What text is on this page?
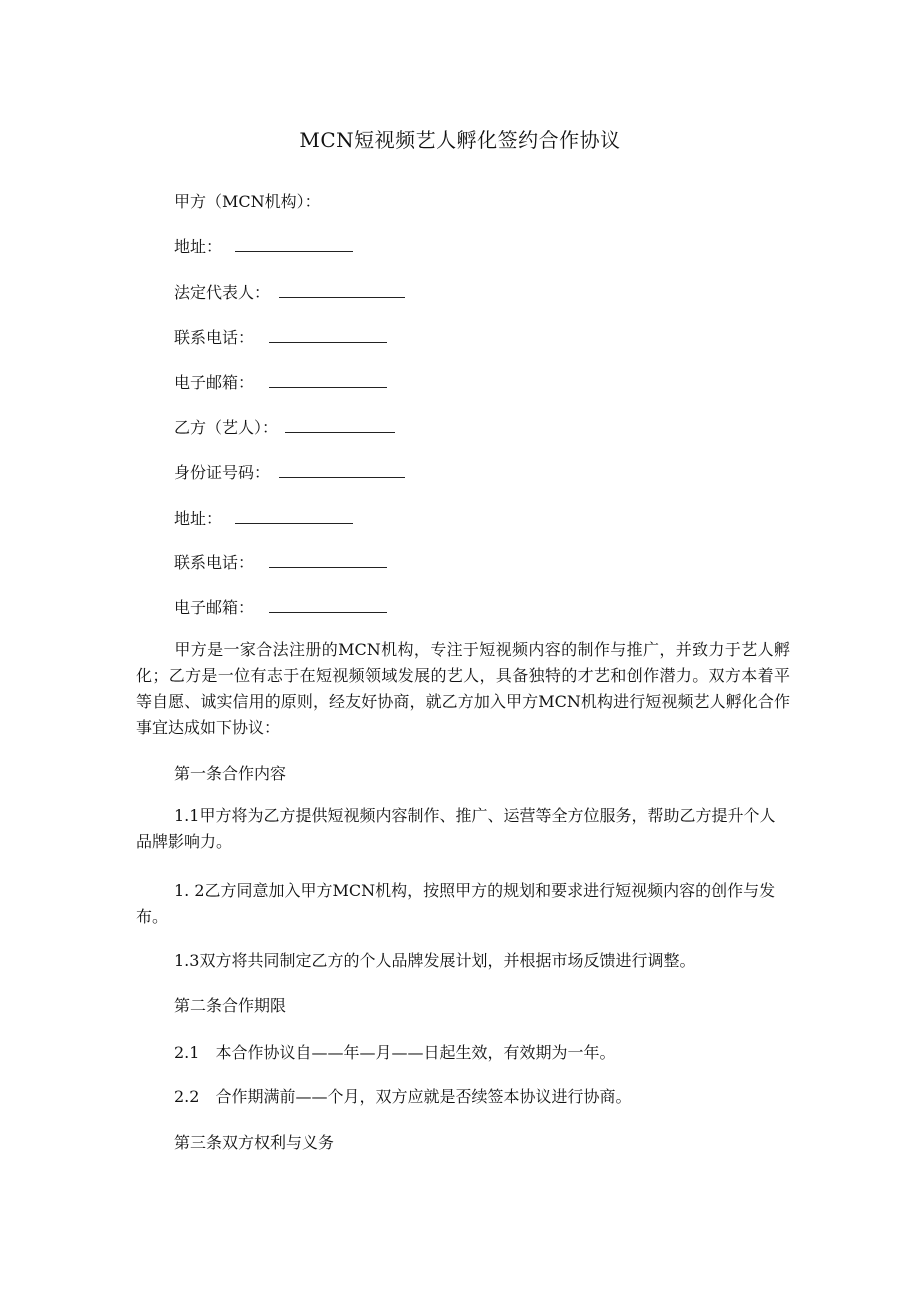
MCN短视频艺人孵化签约合作协议
甲方（MCN机构）：
地址：
法定代表人：
联系电话：
电子邮箱：
乙方（艺人）：
身份证号码：
地址：
联系电话：
电子邮箱：
甲方是一家合法注册的MCN机构，专注于短视频内容的制作与推广，并致力于艺人孵化；乙方是一位有志于在短视频领域发展的艺人，具备独特的才艺和创作潜力。双方本着平等自愿、诚实信用的原则，经友好协商，就乙方加入甲方MCN机构进行短视频艺人孵化合作事宜达成如下协议：
第一条合作内容
1.1甲方将为乙方提供短视频内容制作、推广、运营等全方位服务，帮助乙方提升个人品牌影响力。
1. 2乙方同意加入甲方MCN机构，按照甲方的规划和要求进行短视频内容的创作与发布。
1.3双方将共同制定乙方的个人品牌发展计划，并根据市场反馈进行调整。
第二条合作期限
2.1　本合作协议自——年—月——日起生效，有效期为一年。
2.2　合作期满前——个月，双方应就是否续签本协议进行协商。
第三条双方权利与义务
